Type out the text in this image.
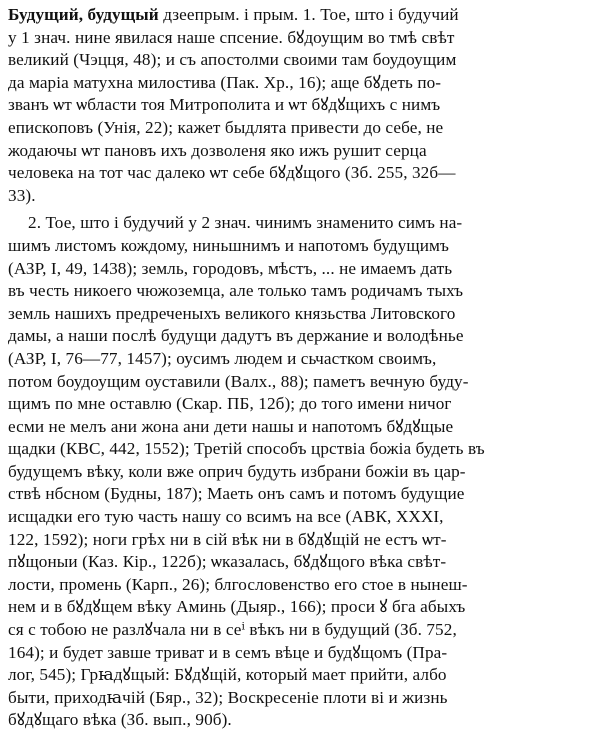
Будущий, будущый дзеепрым. і прым. 1. Тое, што і будучий
у 1 знач. нине явилася наше спсение. бꙋдоущим во тмѣ свѣт
великий (Чэцця, 48); и съ апостолми своими там боудоущим
да маріа матухна милостива (Пак. Хр., 16); аще бꙋдеть по-
званъ ѡт ѡбласти тоя Митрополита и ѡт бꙋдꙋщихъ с нимъ
епископовъ (Унія, 22); кажет быдлята привести до себе, не
жодаючы ѡт пановъ ихъ дозволеня яко ижъ рушит серца
человека на тот час далеко ѡт себе бꙋдꙋщого (Зб. 255, 32б—
33).

2. Тое, што і будучий у 2 знач. чинимъ знаменито симъ на-
шимъ листомъ кождому, ниньшнимъ и напотомъ будущимъ
(АЗР, I, 49, 1438); земль, городовъ, мѣстъ, ... не имаемъ дать
въ честь никоего чюжоземца, але только тамъ родичамъ тыхъ
земль нашихъ предреченыхъ великого князьства Литовского
дамы, а наши послѣ будущи дадутъ въ держание и володѣнье
(АЗР, I, 76—77, 1457); оусимъ людем и сьчастком своимъ,
потом боудоущим оуставили (Валх., 88); паметъ вечную буду-
щимъ по мне оставлю (Скар. ПБ, 12б); до того имени ничог
есми не мелъ ани жона ани дети нашы и напотомъ бꙋдꙋщые
щадки (КВС, 442, 1552); Третій способъ црствіа божіа будеть въ
будущемъ вѣку, коли вже оприч будуть избрани божіи въ цар-
ствѣ нбсном (Будны, 187); Маеть онъ самъ и потомъ будущие
исщадки его тую часть нашу со всимъ на все (АВК, XXXI,
122, 1592); ноги грѣх ни в сій вѣк ни в бꙋдꙋщій не естъ ѡт-
пꙋщоныи (Каз. Кір., 122б); ѡказалась, бꙋдꙋщого вѣка свѣт-
лости, промень (Карп., 26); блгословенство его стое в нынеш-
нем и в бꙋдꙋщем вѣку Аминь (Дыяр., 166); проси ꙋ бга абыхъ
ся с тобою не разлꙋчала ни в сеⁱ вѣкъ ни в будущий (Зб. 752,
164); и будет завше триват и в семъ вѣце и будꙋщомъ (Пра-
лог, 545); Грꙗдꙋщый: Бꙋдꙋщій, который мает прийти, албо
быти, приходꙗчій (Бяр., 32); Воскресеніе плоти ві и жизнь
бꙋдꙋщаго вѣка (Зб. вып., 90б).
